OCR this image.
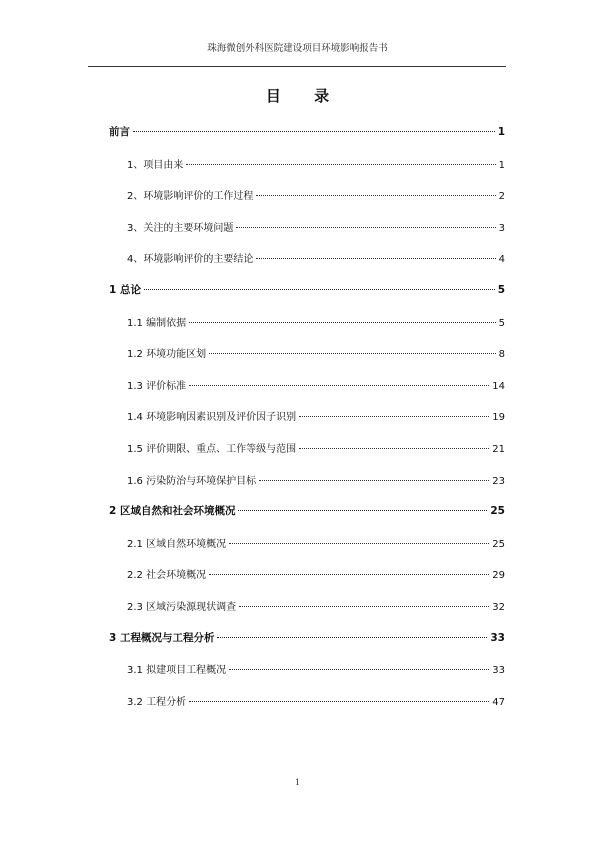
珠海微创外科医院建设项目环境影响报告书
目 录
前言	1
1、项目由来	1
2、环境影响评价的工作过程	2
3、关注的主要环境问题	3
4、环境影响评价的主要结论	4
1 总论	5
1.1 编制依据	5
1.2 环境功能区划	8
1.3 评价标准	14
1.4 环境影响因素识别及评价因子识别	19
1.5 评价期限、重点、工作等级与范围	21
1.6 污染防治与环境保护目标	23
2 区域自然和社会环境概况	25
2.1 区域自然环境概况	25
2.2 社会环境概况	29
2.3 区域污染源现状调查	32
3 工程概况与工程分析	33
3.1 拟建项目工程概况	33
3.2 工程分析	47
1
